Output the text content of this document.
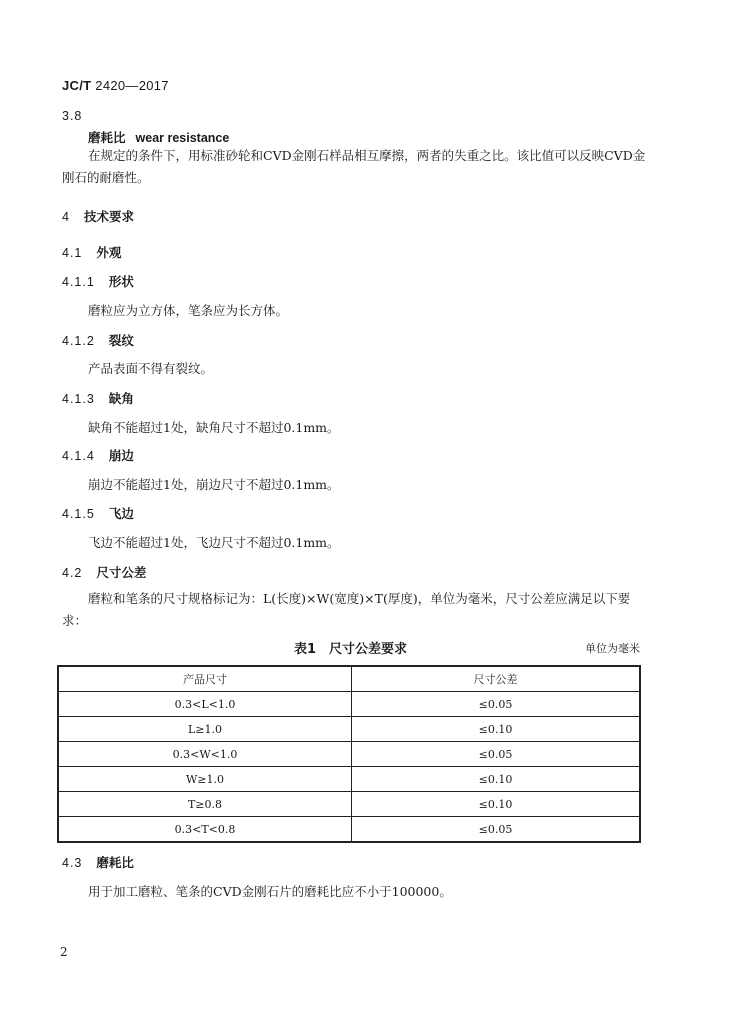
JC/T 2420—2017
3.8
磨耗比 wear resistance
在规定的条件下，用标准砂轮和CVD金刚石样品相互摩擦，两者的失重之比。该比值可以反映CVD金刚石的耐磨性。
4 技术要求
4.1 外观
4.1.1 形状
磨粒应为立方体，笔条应为长方体。
4.1.2 裂纹
产品表面不得有裂纹。
4.1.3 缺角
缺角不能超过1处，缺角尺寸不超过0.1mm。
4.1.4 崩边
崩边不能超过1处，崩边尺寸不超过0.1mm。
4.1.5 飞边
飞边不能超过1处，飞边尺寸不超过0.1mm。
4.2 尺寸公差
磨粒和笔条的尺寸规格标记为：L(长度)×W(宽度)×T(厚度)，单位为毫米，尺寸公差应满足以下要求：
表1　尺寸公差要求	单位为毫米
产品尺寸	尺寸公差
0.3<L<1.0	≤0.05
L≥1.0	≤0.10
0.3<W<1.0	≤0.05
W≥1.0	≤0.10
T≥0.8	≤0.10
0.3<T<0.8	≤0.05
4.3 磨耗比
用于加工磨粒、笔条的CVD金刚石片的磨耗比应不小于100000。
2
